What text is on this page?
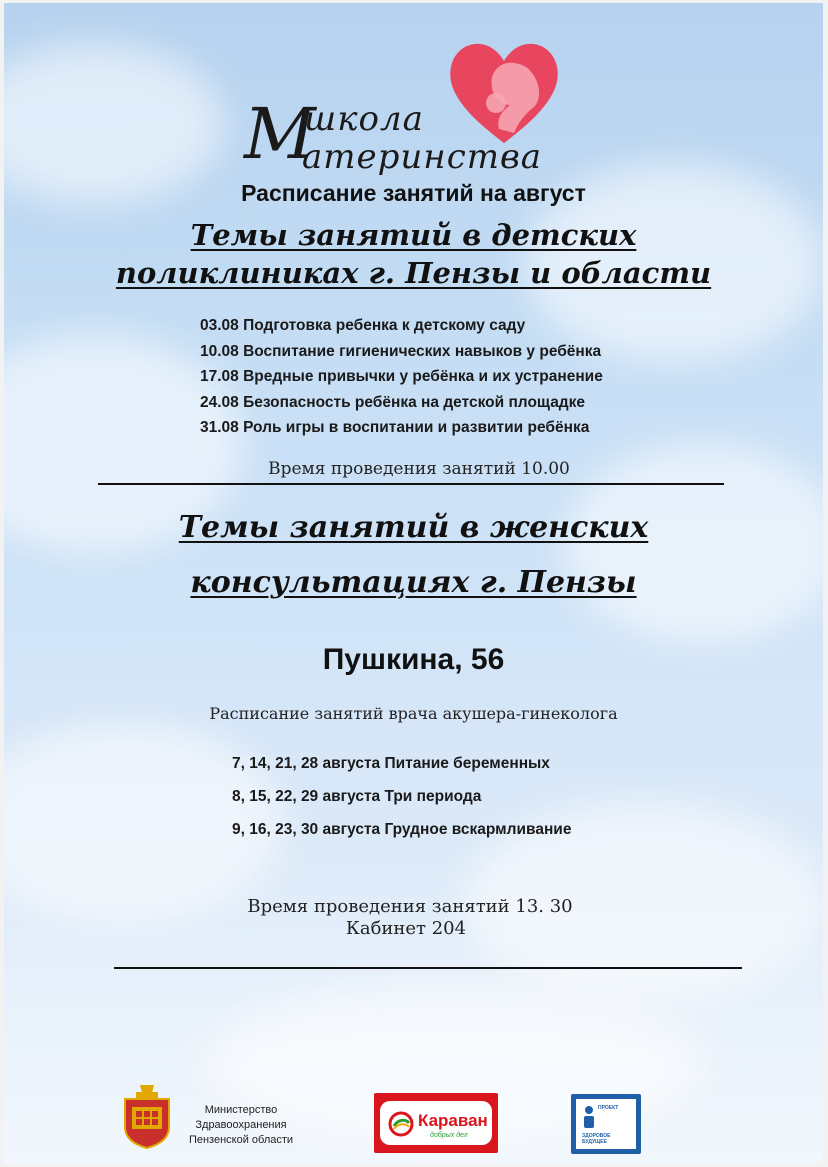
М
школа
атеринства
Расписание занятий на август
Темы занятий в детских
поликлиниках г. Пензы и области
03.08 Подготовка ребенка к детскому саду
10.08 Воспитание гигиенических навыков у ребёнка
17.08 Вредные привычки у ребёнка и их устранение
24.08 Безопасность ребёнка на детской площадке
31.08 Роль игры в воспитании и развитии ребёнка
Время проведения занятий 10.00
Темы занятий в женских
консультациях г. Пензы
Пушкина, 56
Расписание занятий врача акушера-гинеколога
7, 14, 21, 28 августа Питание беременных
8, 15, 22, 29 августа Три периода
9, 16, 23, 30 августа Грудное вскармливание
Время проведения занятий 13. 30
Кабинет 204
Министерство
Здравоохранения
Пензенской oбласти
Караван
добрых дел
ПРОЕКТ
ЗДОРОВОЕ
БУДУЩЕЕ
